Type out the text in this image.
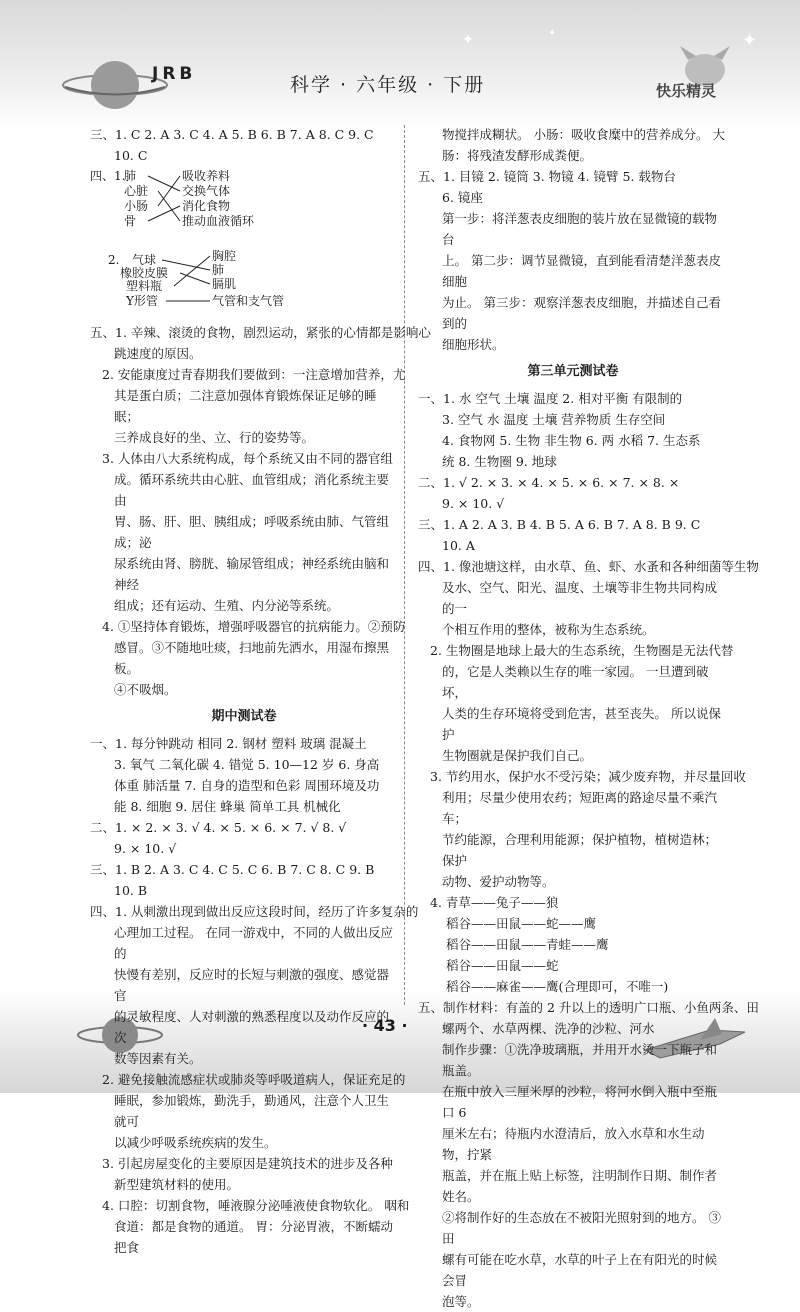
✦	✦	✦
JRB	科学 · 六年级 · 下册	快乐精灵
三、1. C 2. A 3. C 4. A 5. B 6. B 7. A 8. C 9. C
10. C
四、1.
肺
心脏
小肠
骨
吸收养料
交换气体
消化食物
推动血液循环
2. 气球
橡胶皮膜
塑料瓶
Y形管
胸腔
肺
膈肌
气管和支气管
五、1. 辛辣、滚烫的食物，剧烈运动，紧张的心情都是影响心
跳速度的原因。
2. 安能康度过青春期我们要做到：一注意增加营养，尤
其是蛋白质；二注意加强体育锻炼保证足够的睡眠；
三养成良好的坐、立、行的姿势等。
3. 人体由八大系统构成，每个系统又由不同的器官组
成。循环系统共由心脏、血管组成；消化系统主要由
胃、肠、肝、胆、胰组成；呼吸系统由肺、气管组成；泌
尿系统由肾、膀胱、输尿管组成；神经系统由脑和神经
组成；还有运动、生殖、内分泌等系统。
4. ①坚持体育锻炼，增强呼吸器官的抗病能力。②预防
感冒。③不随地吐痰，扫地前先洒水，用湿布擦黑板。
④不吸烟。
期中测试卷
一、1. 每分钟跳动 相同 2. 钢材 塑料 玻璃 混凝土
3. 氧气 二氧化碳 4. 错觉 5. 10—12 岁 6. 身高
体重 肺活量 7. 自身的造型和色彩 周围环境及功
能 8. 细胞 9. 居住 蜂巢 简单工具 机械化
二、1. × 2. × 3. √ 4. × 5. × 6. × 7. √ 8. √
9. × 10. √
三、1. B 2. A 3. C 4. C 5. C 6. B 7. C 8. C 9. B
10. B
四、1. 从刺激出现到做出反应这段时间，经历了许多复杂的
心理加工过程。 在同一游戏中，不同的人做出反应的
快慢有差别，反应时的长短与刺激的强度、感觉器官
的灵敏程度、人对刺激的熟悉程度以及动作反应的次
数等因素有关。
2. 避免接触流感症状或肺炎等呼吸道病人，保证充足的
睡眠，参加锻炼，勤洗手，勤通风，注意个人卫生就可
以减少呼吸系统疾病的发生。
3. 引起房屋变化的主要原因是建筑技术的进步及各种
新型建筑材料的使用。
4. 口腔：切割食物，唾液腺分泌唾液使食物软化。 咽和
食道：都是食物的通道。 胃：分泌胃液，不断蠕动把食
物搅拌成糊状。 小肠：吸收食糜中的营养成分。 大
肠：将残渣发酵形成粪便。
五、1. 目镜 2. 镜筒 3. 物镜 4. 镜臂 5. 载物台
6. 镜座
第一步：将洋葱表皮细胞的装片放在显微镜的载物台
上。 第二步：调节显微镜，直到能看清楚洋葱表皮细胞
为止。 第三步：观察洋葱表皮细胞，并描述自己看到的
细胞形状。
第三单元测试卷
一、1. 水 空气 土壤 温度 2. 相对平衡 有限制的
3. 空气 水 温度 土壤 营养物质 生存空间
4. 食物网 5. 生物 非生物 6. 两 水稻 7. 生态系
统 8. 生物圈 9. 地球
二、1. √ 2. × 3. × 4. × 5. × 6. × 7. × 8. ×
9. × 10. √
三、1. A 2. A 3. B 4. B 5. A 6. B 7. A 8. B 9. C
10. A
四、1. 像池塘这样，由水草、鱼、虾、水蚤和各种细菌等生物
及水、空气、阳光、温度、土壤等非生物共同构成的一
个相互作用的整体，被称为生态系统。
2. 生物圈是地球上最大的生态系统，生物圈是无法代替
的，它是人类赖以生存的唯一家园。 一旦遭到破坏，
人类的生存环境将受到危害，甚至丧失。 所以说保护
生物圈就是保护我们自己。
3. 节约用水，保护水不受污染；减少废弃物，并尽量回收
利用；尽量少使用农药；短距离的路途尽量不乘汽车；
节约能源，合理利用能源；保护植物，植树造林；保护
动物、爱护动物等。
4. 青草——兔子——狼
稻谷——田鼠——蛇——鹰
稻谷——田鼠——青蛙——鹰
稻谷——田鼠——蛇
稻谷——麻雀——鹰(合理即可，不唯一)
五、制作材料：有盖的 2 升以上的透明广口瓶、小鱼两条、田
螺两个、水草两棵、洗净的沙粒、河水
制作步骤：①洗净玻璃瓶，并用开水烫一下瓶子和瓶盖。
在瓶中放入三厘米厚的沙粒，将河水倒入瓶中至瓶口 6
厘米左右；待瓶内水澄清后，放入水草和水生动物，拧紧
瓶盖，并在瓶上贴上标签，注明制作日期、制作者姓名。
②将制作好的生态放在不被阳光照射到的地方。 ③田
螺有可能在吃水草，水草的叶子上在有阳光的时候会冒
泡等。
· 43 ·
